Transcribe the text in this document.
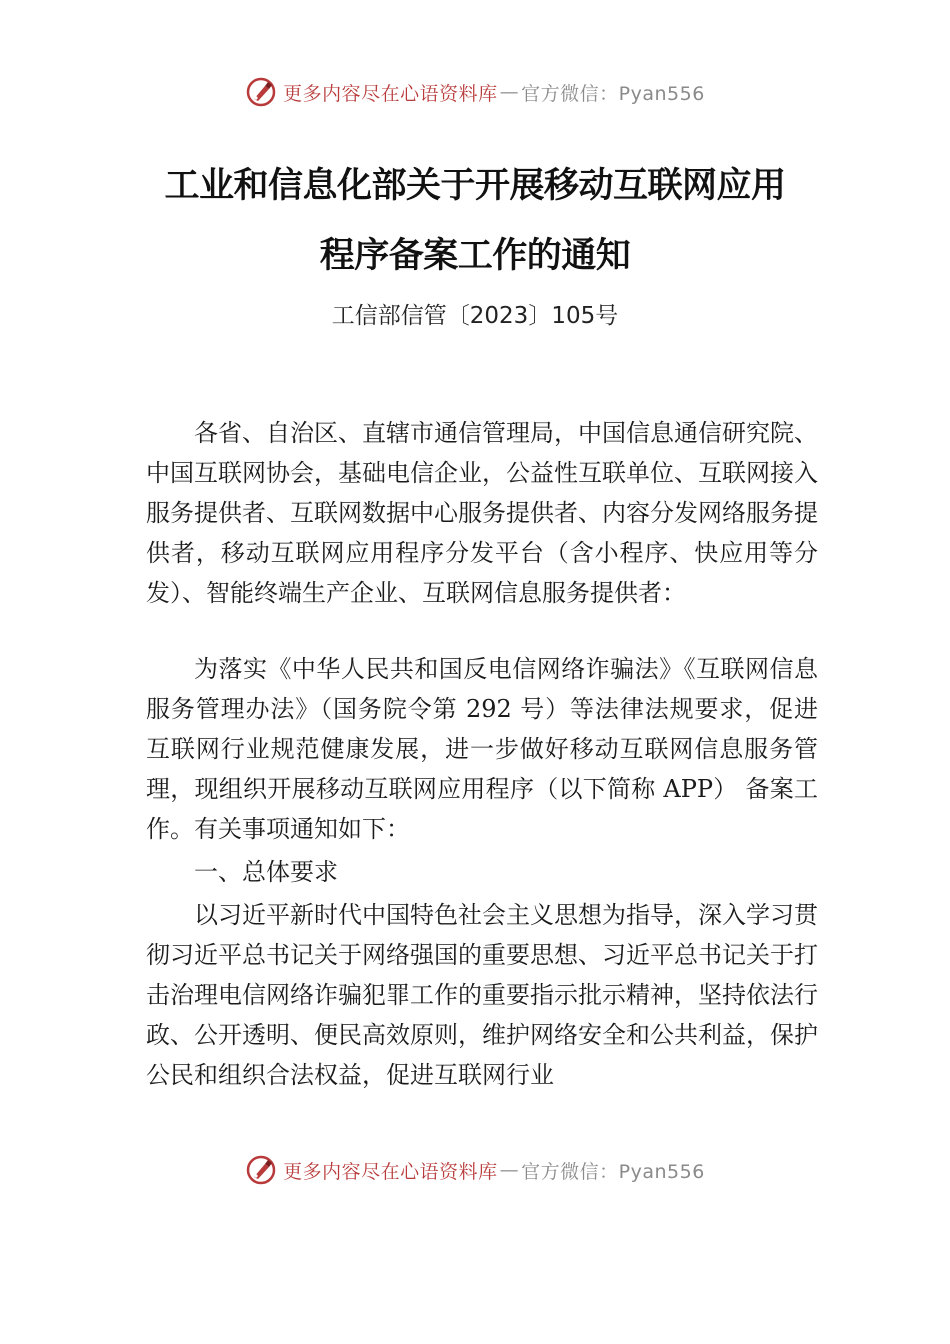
更多内容尽在心语资料库 — 官方微信：Pyan556
工业和信息化部关于开展移动互联网应用
程序备案工作的通知
工信部信管〔2023〕105号

各省、自治区、直辖市通信管理局，中国信息通信研究院、中国互联网协会，基础电信企业，公益性互联单位、互联网接入服务提供者、互联网数据中心服务提供者、内容分发网络服务提供者，移动互联网应用程序分发平台（含小程序、快应用等分发）、智能终端生产企业、互联网信息服务提供者：

为落实《中华人民共和国反电信网络诈骗法》《互联网信息服务管理办法》（国务院令第 292 号）等法律法规要求，促进互联网行业规范健康发展，进一步做好移动互联网信息服务管理，现组织开展移动互联网应用程序（以下简称 APP） 备案工作。有关事项通知如下：

一、总体要求

以习近平新时代中国特色社会主义思想为指导，深入学习贯彻习近平总书记关于网络强国的重要思想、习近平总书记关于打击治理电信网络诈骗犯罪工作的重要指示批示精神，坚持依法行政、公开透明、便民高效原则，维护网络安全和公共利益，保护公民和组织合法权益，促进互联网行业

更多内容尽在心语资料库 — 官方微信：Pyan556
